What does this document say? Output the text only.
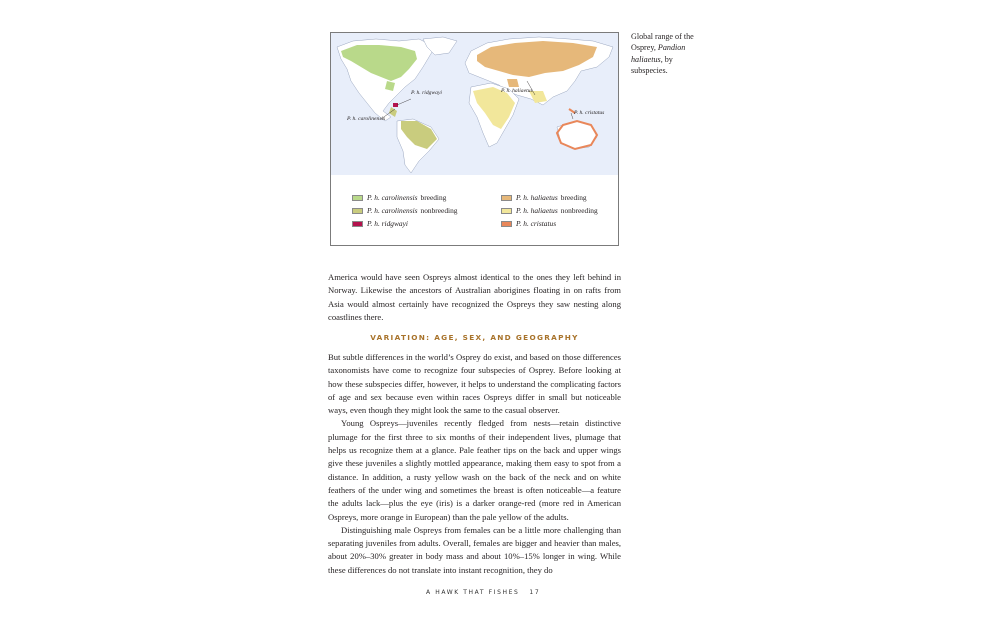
P. h. ridgwayi
P. h. carolinensis
P. h. haliaetus
P. h. cristatus
P. h. carolinensis breeding
P. h. carolinensis nonbreeding
P. h. ridgwayi
P. h. haliaetus breeding
P. h. haliaetus nonbreeding
P. h. cristatus
Global range of the Osprey, Pandion haliaetus, by subspecies.

America would have seen Ospreys almost identical to the ones they left behind in Norway. Likewise the ancestors of Australian aborigines floating in on rafts from Asia would almost certainly have recognized the Ospreys they saw nesting along coastlines there.

VARIATION: AGE, SEX, AND GEOGRAPHY

But subtle differences in the world’s Osprey do exist, and based on those differences taxonomists have come to recognize four subspecies of Osprey. Before looking at how these subspecies differ, however, it helps to understand the complicating factors of age and sex because even within races Ospreys differ in small but noticeable ways, even though they might look the same to the casual observer.

Young Ospreys—juveniles recently fledged from nests—retain distinctive plumage for the first three to six months of their independent lives, plumage that helps us recognize them at a glance. Pale feather tips on the back and upper wings give these juveniles a slightly mottled appearance, making them easy to spot from a distance. In addition, a rusty yellow wash on the back of the neck and on white feathers of the under wing and sometimes the breast is often noticeable—a feature the adults lack—plus the eye (iris) is a darker orange-red (more red in American Ospreys, more orange in European) than the pale yellow of the adults.

Distinguishing male Ospreys from females can be a little more challenging than separating juveniles from adults. Overall, females are bigger and heavier than males, about 20%–30% greater in body mass and about 10%–15% longer in wing. While these differences do not translate into instant recognition, they do

A HAWK THAT FISHES 17
